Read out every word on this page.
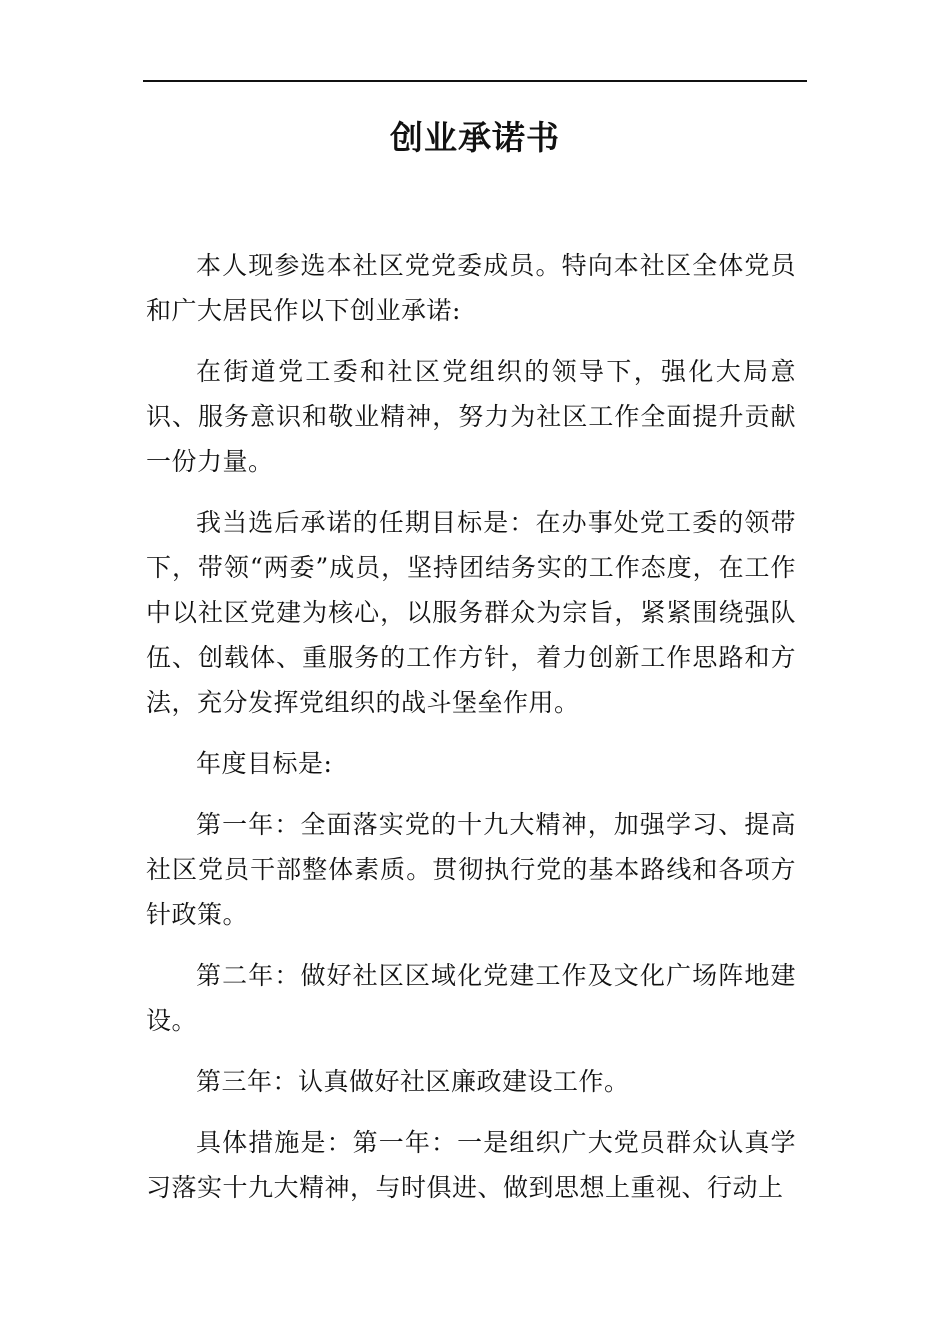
创业承诺书

本人现参选本社区党党委成员。特向本社区全体党员和广大居民作以下创业承诺:

在街道党工委和社区党组织的领导下，强化大局意识、服务意识和敬业精神，努力为社区工作全面提升贡献一份力量。

我当选后承诺的任期目标是：在办事处党工委的领带下，带领“两委”成员，坚持团结务实的工作态度，在工作中以社区党建为核心，以服务群众为宗旨，紧紧围绕强队伍、创载体、重服务的工作方针，着力创新工作思路和方法，充分发挥党组织的战斗堡垒作用。

年度目标是:

第一年：全面落实党的十九大精神，加强学习、提高社区党员干部整体素质。贯彻执行党的基本路线和各项方针政策。

第二年：做好社区区域化党建工作及文化广场阵地建设。

第三年：认真做好社区廉政建设工作。

具体措施是：第一年：一是组织广大党员群众认真学习落实十九大精神，与时俱进、做到思想上重视、行动上
